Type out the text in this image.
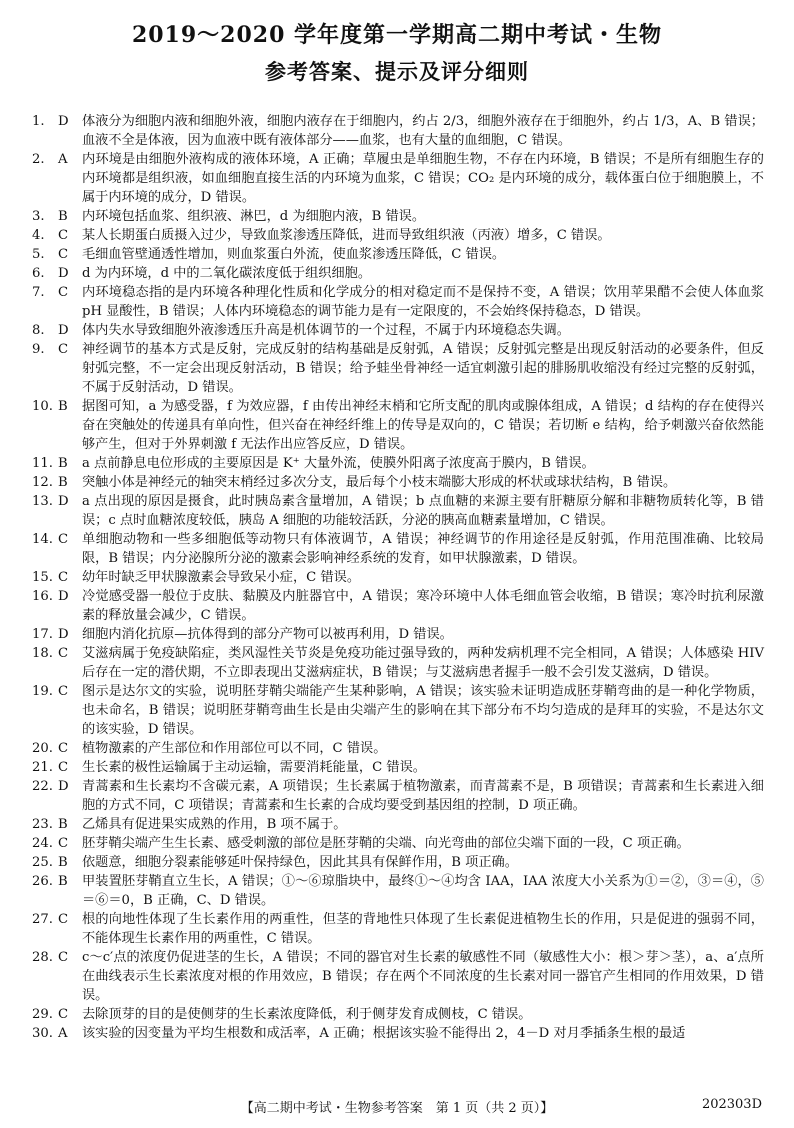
2019～2020 学年度第一学期高二期中考试・生物
参考答案、提示及评分细则
1.	D	体液分为细胞内液和细胞外液，细胞内液存在于细胞内，约占 2/3，细胞外液存在于细胞外，约占 1/3，A、B 错误；血液不全是体液，因为血液中既有液体部分——血浆，也有大量的血细胞，C 错误。
2.	A	内环境是由细胞外液构成的液体环境，A 正确；草履虫是单细胞生物，不存在内环境，B 错误；不是所有细胞生存的内环境都是组织液，如血细胞直接生活的内环境为血浆，C 错误；CO₂ 是内环境的成分，载体蛋白位于细胞膜上，不属于内环境的成分，D 错误。
3.	B	内环境包括血浆、组织液、淋巴，d 为细胞内液，B 错误。
4.	C	某人长期蛋白质摄入过少，导致血浆渗透压降低，进而导致组织液（丙液）增多，C 错误。
5.	C	毛细血管壁通透性增加，则血浆蛋白外流，使血浆渗透压降低，C 错误。
6.	D	d 为内环境，d 中的二氧化碳浓度低于组织细胞。
7.	C	内环境稳态指的是内环境各种理化性质和化学成分的相对稳定而不是保持不变，A 错误；饮用苹果醋不会使人体血浆 pH 显酸性，B 错误；人体内环境稳态的调节能力是有一定限度的，不会始终保持稳态，D 错误。
8.	D	体内失水导致细胞外液渗透压升高是机体调节的一个过程，不属于内环境稳态失调。
9.	C	神经调节的基本方式是反射，完成反射的结构基础是反射弧，A 错误；反射弧完整是出现反射活动的必要条件，但反射弧完整，不一定会出现反射活动，B 错误；给予蛙坐骨神经一适宜刺激引起的腓肠肌收缩没有经过完整的反射弧，不属于反射活动，D 错误。
10. B	据图可知，a 为感受器，f 为效应器，f 由传出神经末梢和它所支配的肌肉或腺体组成，A 错误；d 结构的存在使得兴奋在突触处的传递具有单向性，但兴奋在神经纤维上的传导是双向的，C 错误；若切断 e 结构，给予刺激兴奋依然能够产生，但对于外界刺激 f 无法作出应答反应，D 错误。
11. B	a 点前静息电位形成的主要原因是 K⁺ 大量外流，使膜外阳离子浓度高于膜内，B 错误。
12. B	突触小体是神经元的轴突末梢经过多次分支，最后每个小枝末端膨大形成的杯状或球状结构，B 错误。
13. D	a 点出现的原因是摄食，此时胰岛素含量增加，A 错误；b 点血糖的来源主要有肝糖原分解和非糖物质转化等，B 错误；c 点时血糖浓度较低，胰岛 A 细胞的功能较活跃，分泌的胰高血糖素量增加，C 错误。
14. C	单细胞动物和一些多细胞低等动物只有体液调节，A 错误；神经调节的作用途径是反射弧，作用范围准确、比较局限，B 错误；内分泌腺所分泌的激素会影响神经系统的发育，如甲状腺激素，D 错误。
15. C	幼年时缺乏甲状腺激素会导致呆小症，C 错误。
16. D	冷觉感受器一般位于皮肤、黏膜及内脏器官中，A 错误；寒冷环境中人体毛细血管会收缩，B 错误；寒冷时抗利尿激素的释放量会减少，C 错误。
17. D	细胞内消化抗原—抗体得到的部分产物可以被再利用，D 错误。
18. C	艾滋病属于免疫缺陷症，类风湿性关节炎是免疫功能过强导致的，两种发病机理不完全相同，A 错误；人体感染 HIV 后存在一定的潜伏期，不立即表现出艾滋病症状，B 错误；与艾滋病患者握手一般不会引发艾滋病，D 错误。
19. C	图示是达尔文的实验，说明胚芽鞘尖端能产生某种影响，A 错误；该实验未证明造成胚芽鞘弯曲的是一种化学物质，也未命名，B 错误；说明胚芽鞘弯曲生长是由尖端产生的影响在其下部分布不均匀造成的是拜耳的实验，不是达尔文的该实验，D 错误。
20. C	植物激素的产生部位和作用部位可以不同，C 错误。
21. C	生长素的极性运输属于主动运输，需要消耗能量，C 错误。
22. D	青蒿素和生长素均不含碳元素，A 项错误；生长素属于植物激素，而青蒿素不是，B 项错误；青蒿素和生长素进入细胞的方式不同，C 项错误；青蒿素和生长素的合成均要受到基因组的控制，D 项正确。
23. B	乙烯具有促进果实成熟的作用，B 项不属于。
24. C	胚芽鞘尖端产生生长素、感受刺激的部位是胚芽鞘的尖端、向光弯曲的部位尖端下面的一段，C 项正确。
25. B	依题意，细胞分裂素能够延叶保持绿色，因此其具有保鲜作用，B 项正确。
26. B	甲装置胚芽鞘直立生长，A 错误；①～⑥琼脂块中，最终①～④均含 IAA，IAA 浓度大小关系为①＝②，③＝④，⑤＝⑥＝0，B 正确，C、D 错误。
27. C	根的向地性体现了生长素作用的两重性，但茎的背地性只体现了生长素促进植物生长的作用，只是促进的强弱不同，不能体现生长素作用的两重性，C 错误。
28. C	c～c′点的浓度仍促进茎的生长，A 错误；不同的器官对生长素的敏感性不同（敏感性大小：根＞芽＞茎），a、a′点所在曲线表示生长素浓度对根的作用效应，B 错误；存在两个不同浓度的生长素对同一器官产生相同的作用效果，D 错误。
29. C	去除顶芽的目的是使侧芽的生长素浓度降低，利于侧芽发育成侧枝，C 错误。
30. A	该实验的因变量为平均生根数和成活率，A 正确；根据该实验不能得出 2，4－D 对月季插条生根的最适
【高二期中考试・生物参考答案　第 1 页（共 2 页）】	202303D
